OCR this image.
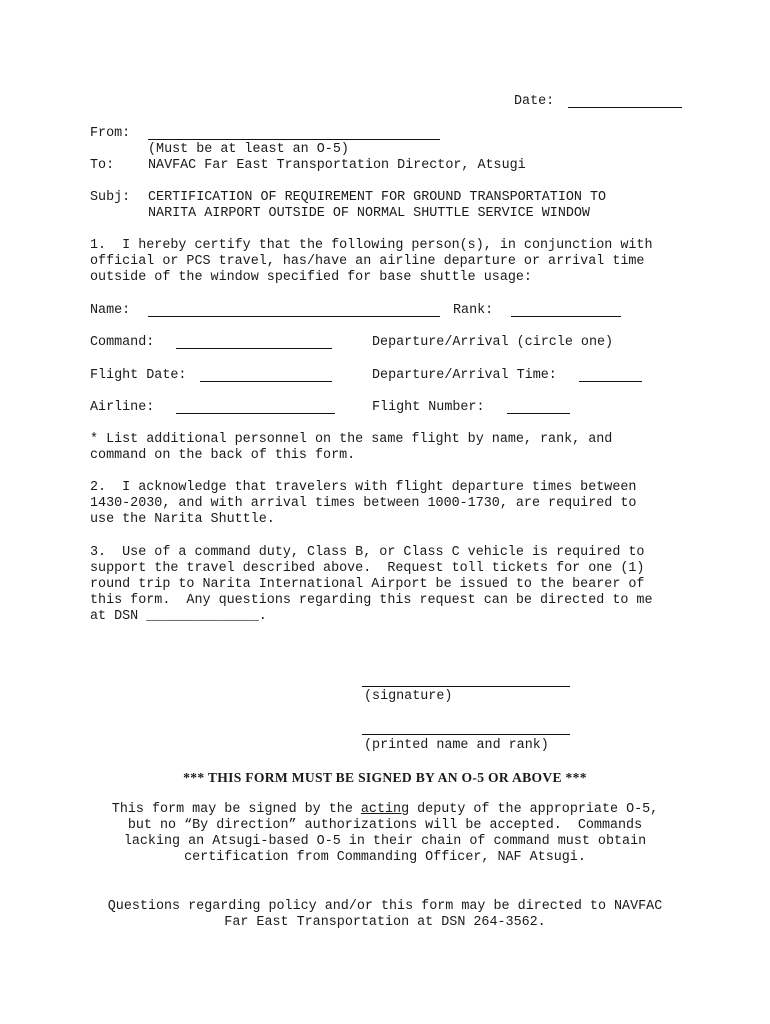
Date:
From:
(Must be at least an O-5)
To:	NAVFAC Far East Transportation Director, Atsugi
Subj: CERTIFICATION OF REQUIREMENT FOR GROUND TRANSPORTATION TO
NARITA AIRPORT OUTSIDE OF NORMAL SHUTTLE SERVICE WINDOW
1.  I hereby certify that the following person(s), in conjunction with
official or PCS travel, has/have an airline departure or arrival time
outside of the window specified for base shuttle usage:
Name:	Rank:
Command:	Departure/Arrival (circle one)
Flight Date:	Departure/Arrival Time:
Airline:	Flight Number:
* List additional personnel on the same flight by name, rank, and
command on the back of this form.
2.  I acknowledge that travelers with flight departure times between
1430-2030, and with arrival times between 1000-1730, are required to
use the Narita Shuttle.
3.  Use of a command duty, Class B, or Class C vehicle is required to
support the travel described above.  Request toll tickets for one (1)
round trip to Narita International Airport be issued to the bearer of
this form.  Any questions regarding this request can be directed to me
at DSN ______________.
(signature)
(printed name and rank)
*** THIS FORM MUST BE SIGNED BY AN O-5 OR ABOVE ***
This form may be signed by the acting deputy of the appropriate O-5,
but no “By direction” authorizations will be accepted.  Commands
lacking an Atsugi-based O-5 in their chain of command must obtain
certification from Commanding Officer, NAF Atsugi.
Questions regarding policy and/or this form may be directed to NAVFAC
Far East Transportation at DSN 264-3562.
